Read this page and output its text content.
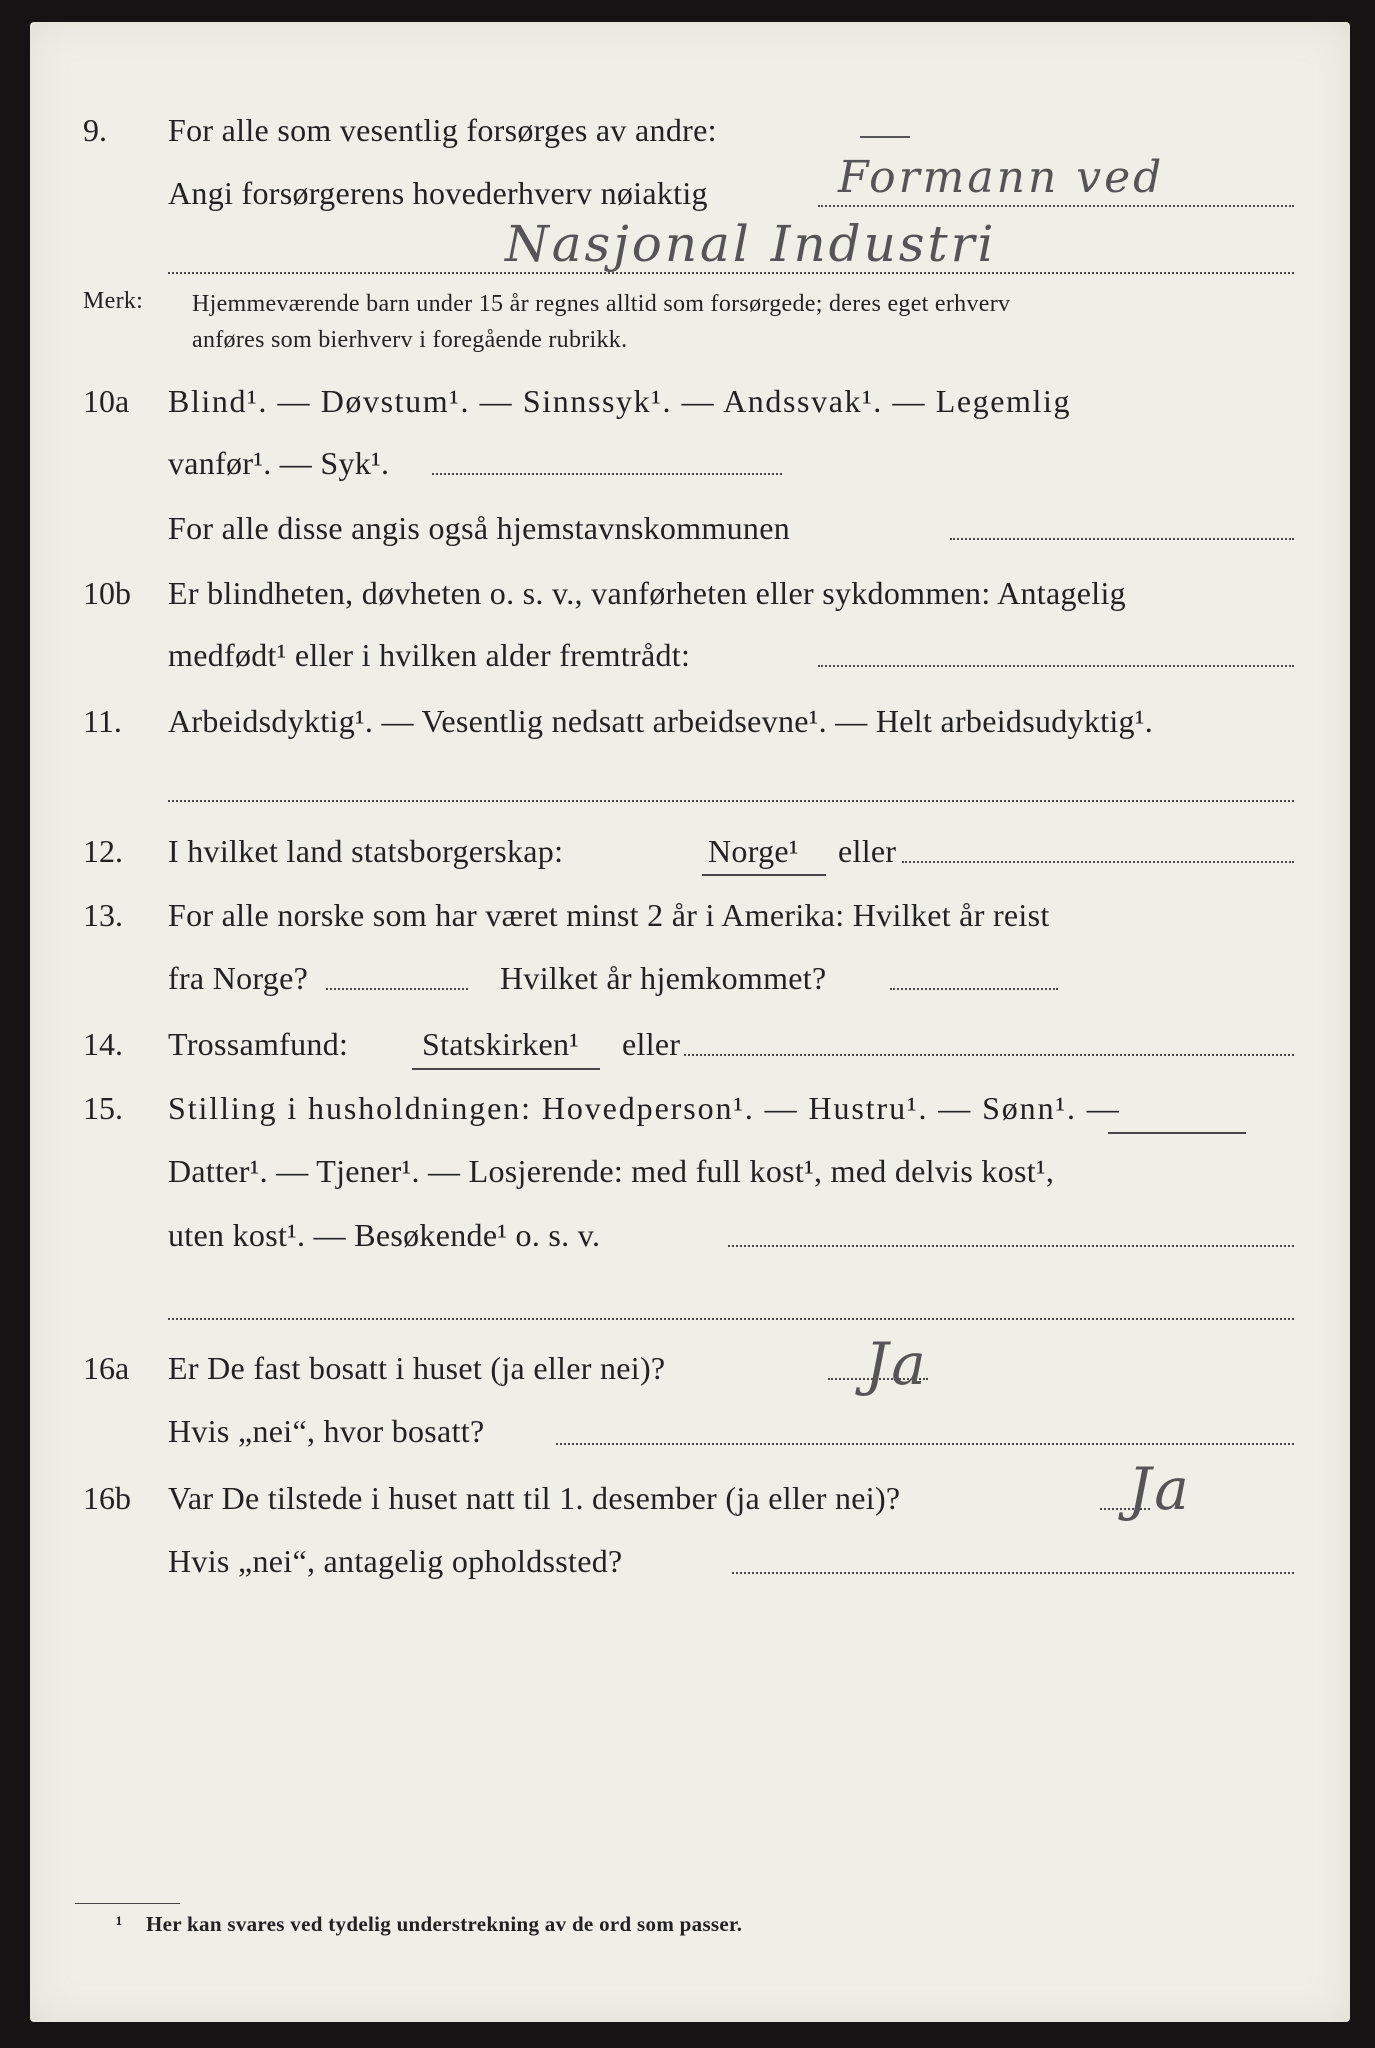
9. For alle som vesentlig forsørges av andre:
Angi forsørgerens hovederhverv nøiaktig	Formann ved
Nasjonal Industri
Merk: Hjemmeværende barn under 15 år regnes alltid som forsørgede; deres eget erhverv
anføres som bierhverv i foregående rubrikk.
10a Blind¹. — Døvstum¹. — Sinnssyk¹. — Andssvak¹. — Legemlig
vanfør¹. — Syk¹.
For alle disse angis også hjemstavnskommunen
10b Er blindheten, døvheten o. s. v., vanførheten eller sykdommen: Antagelig
medfødt¹ eller i hvilken alder fremtrådt:
11. Arbeidsdyktig¹. — Vesentlig nedsatt arbeidsevne¹. — Helt arbeidsudyktig¹.
12. I hvilket land statsborgerskap:	Norge¹ eller
13. For alle norske som har været minst 2 år i Amerika: Hvilket år reist
fra Norge?	Hvilket år hjemkommet?
14. Trossamfund: Statskirken¹ eller
15. Stilling i husholdningen: Hovedperson¹. — Hustru¹. — Sønn¹. —
Datter¹. — Tjener¹. — Losjerende: med full kost¹, med delvis kost¹,
uten kost¹. — Besøkende¹ o. s. v.
16a Er De fast bosatt i huset (ja eller nei)?	Ja
Hvis „nei“, hvor bosatt?
16b Var De tilstede i huset natt til 1. desember (ja eller nei)?	Ja
Hvis „nei“, antagelig opholdssted?
¹ Her kan svares ved tydelig understrekning av de ord som passer.
